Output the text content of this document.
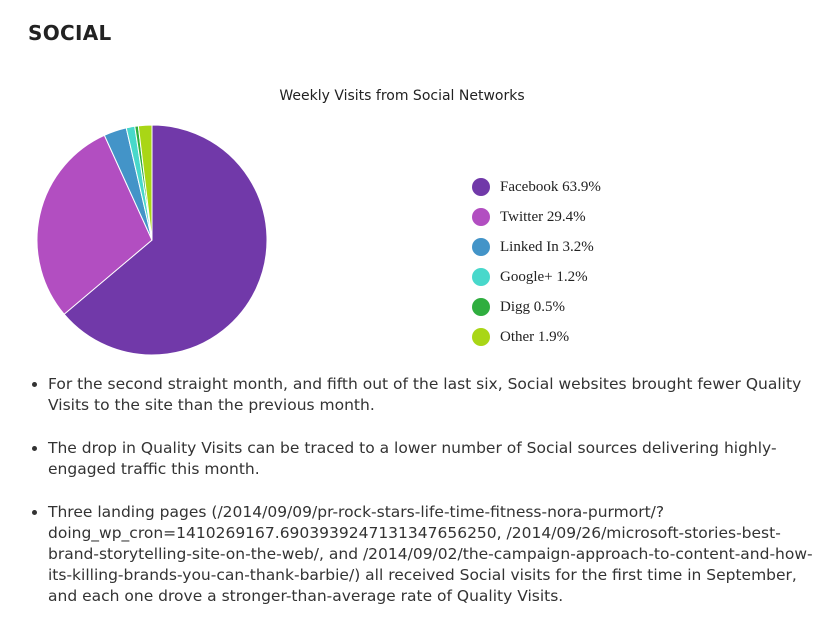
SOCIAL
Weekly Visits from Social Networks
Facebook 63.9%
Twitter 29.4%
Linked In 3.2%
Google+ 1.2%
Digg 0.5%
Other 1.9%
• For the second straight month, and fifth out of the last six, Social websites brought fewer Quality Visits to the site than the previous month.
• The drop in Quality Visits can be traced to a lower number of Social sources delivering highly-engaged traffic this month.
• Three landing pages (/2014/09/09/pr-rock-stars-life-time-fitness-nora-purmort/?doing_wp_cron=1410269167.6903939247131347656250, /2014/09/26/microsoft-stories-best-brand-storytelling-site-on-the-web/, and /2014/09/02/the-campaign-approach-to-content-and-how-its-killing-brands-you-can-thank-barbie/) all received Social visits for the first time in September, and each one drove a stronger-than-average rate of Quality Visits.
